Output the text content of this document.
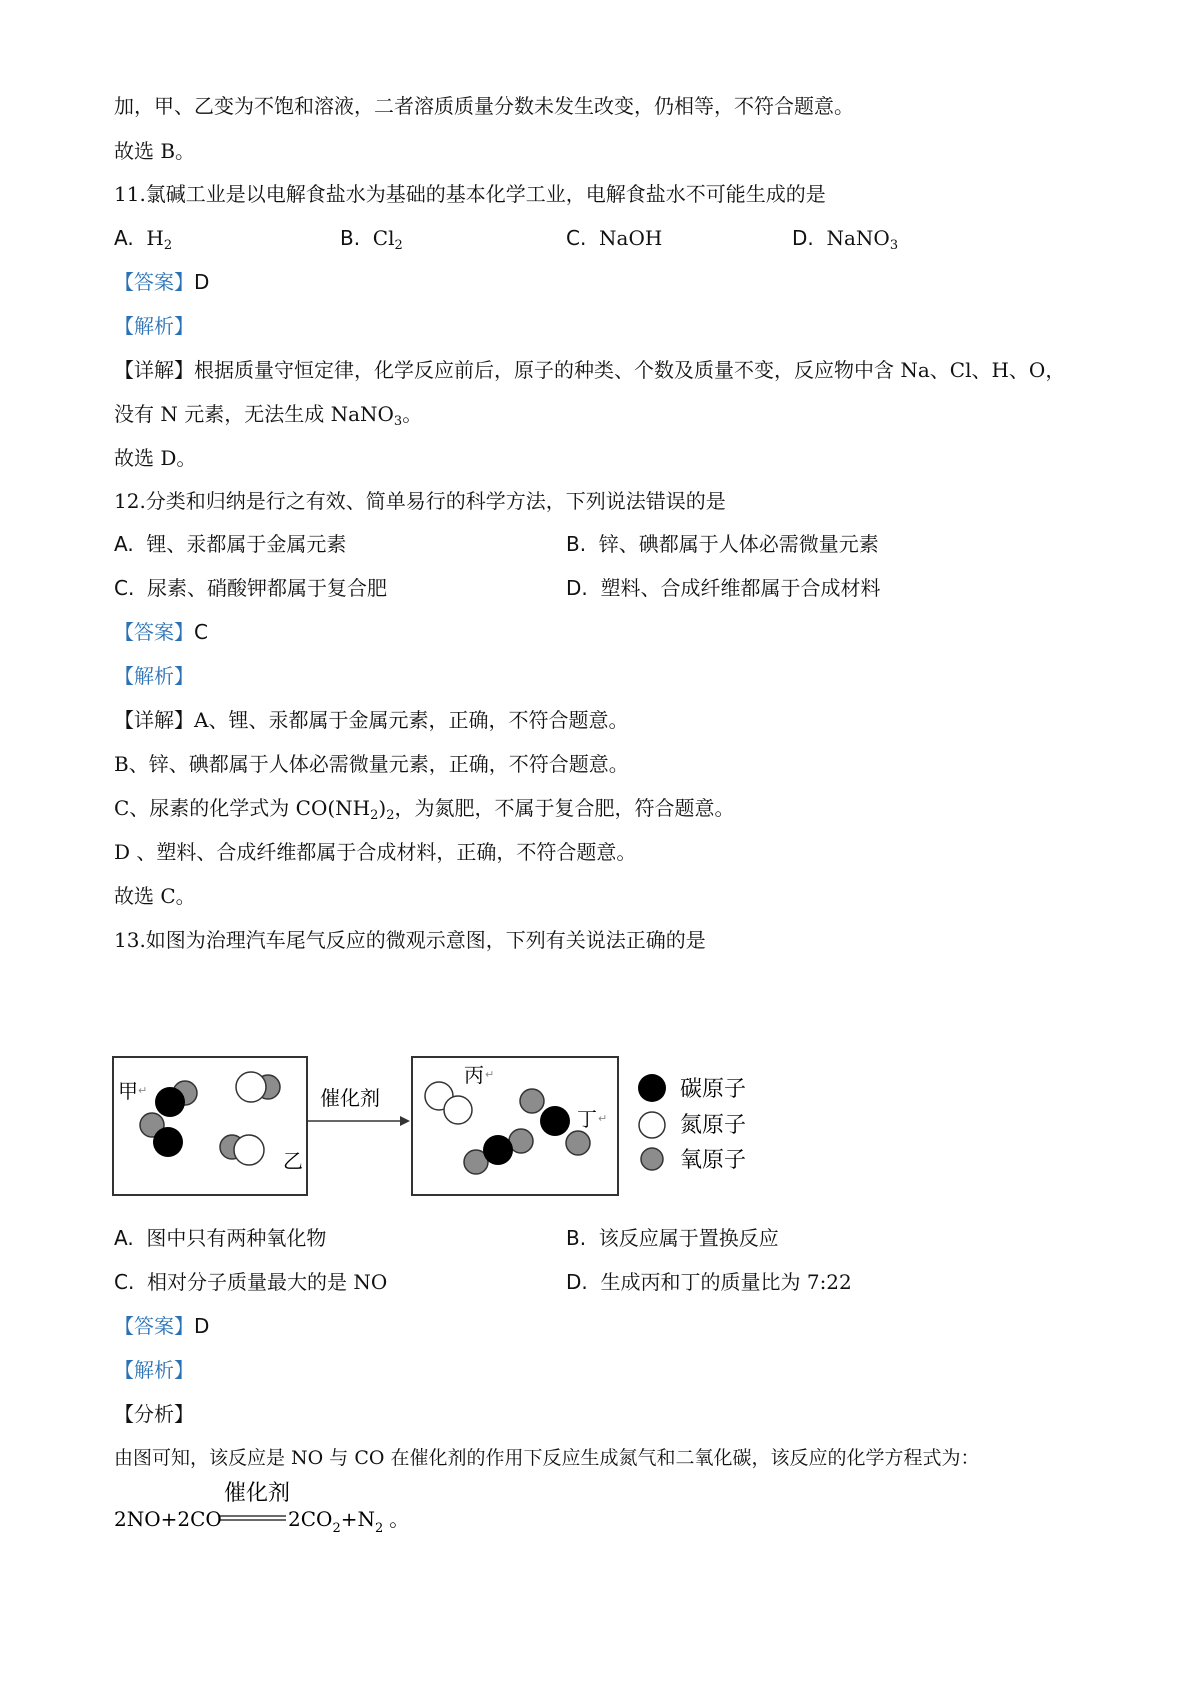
加，甲、乙变为不饱和溶液，二者溶质质量分数未发生改变，仍相等，不符合题意。
故选 B。
11.氯碱工业是以电解食盐水为基础的基本化学工业，电解食盐水不可能生成的是
A. $H_2$	B. $Cl_2$	C. NaOH	D. NaNO$_3$
【答案】D
【解析】
【详解】根据质量守恒定律，化学反应前后，原子的种类、个数及质量不变，反应物中含 Na、Cl、H、O，
没有 N 元素，无法生成 NaNO$_3$。
故选 D。
12.分类和归纳是行之有效、简单易行的科学方法，下列说法错误的是
A. 锂、汞都属于金属元素	B. 锌、碘都属于人体必需微量元素
C. 尿素、硝酸钾都属于复合肥	D. 塑料、合成纤维都属于合成材料
【答案】C
【解析】
【详解】A、锂、汞都属于金属元素，正确，不符合题意。
B、锌、碘都属于人体必需微量元素，正确，不符合题意。
C、尿素的化学式为 $CO(NH_2)_2$，为氮肥，不属于复合肥，符合题意。
D 、塑料、合成纤维都属于合成材料，正确，不符合题意。
故选 C。
13.如图为治理汽车尾气反应的微观示意图，下列有关说法正确的是
甲 ↵
乙
催化剂
丙 ↵
丁 ↵
碳原子
氮原子
氧原子
A. 图中只有两种氧化物	B. 该反应属于置换反应
C. 相对分子质量最大的是 NO	D. 生成丙和丁的质量比为 7:22
【答案】D
【解析】
【分析】
由图可知，该反应是 NO 与 CO 在催化剂的作用下反应生成氮气和二氧化碳，该反应的化学方程式为：
催化剂
2NO+2CO	$2CO_2+N_2$ 。
